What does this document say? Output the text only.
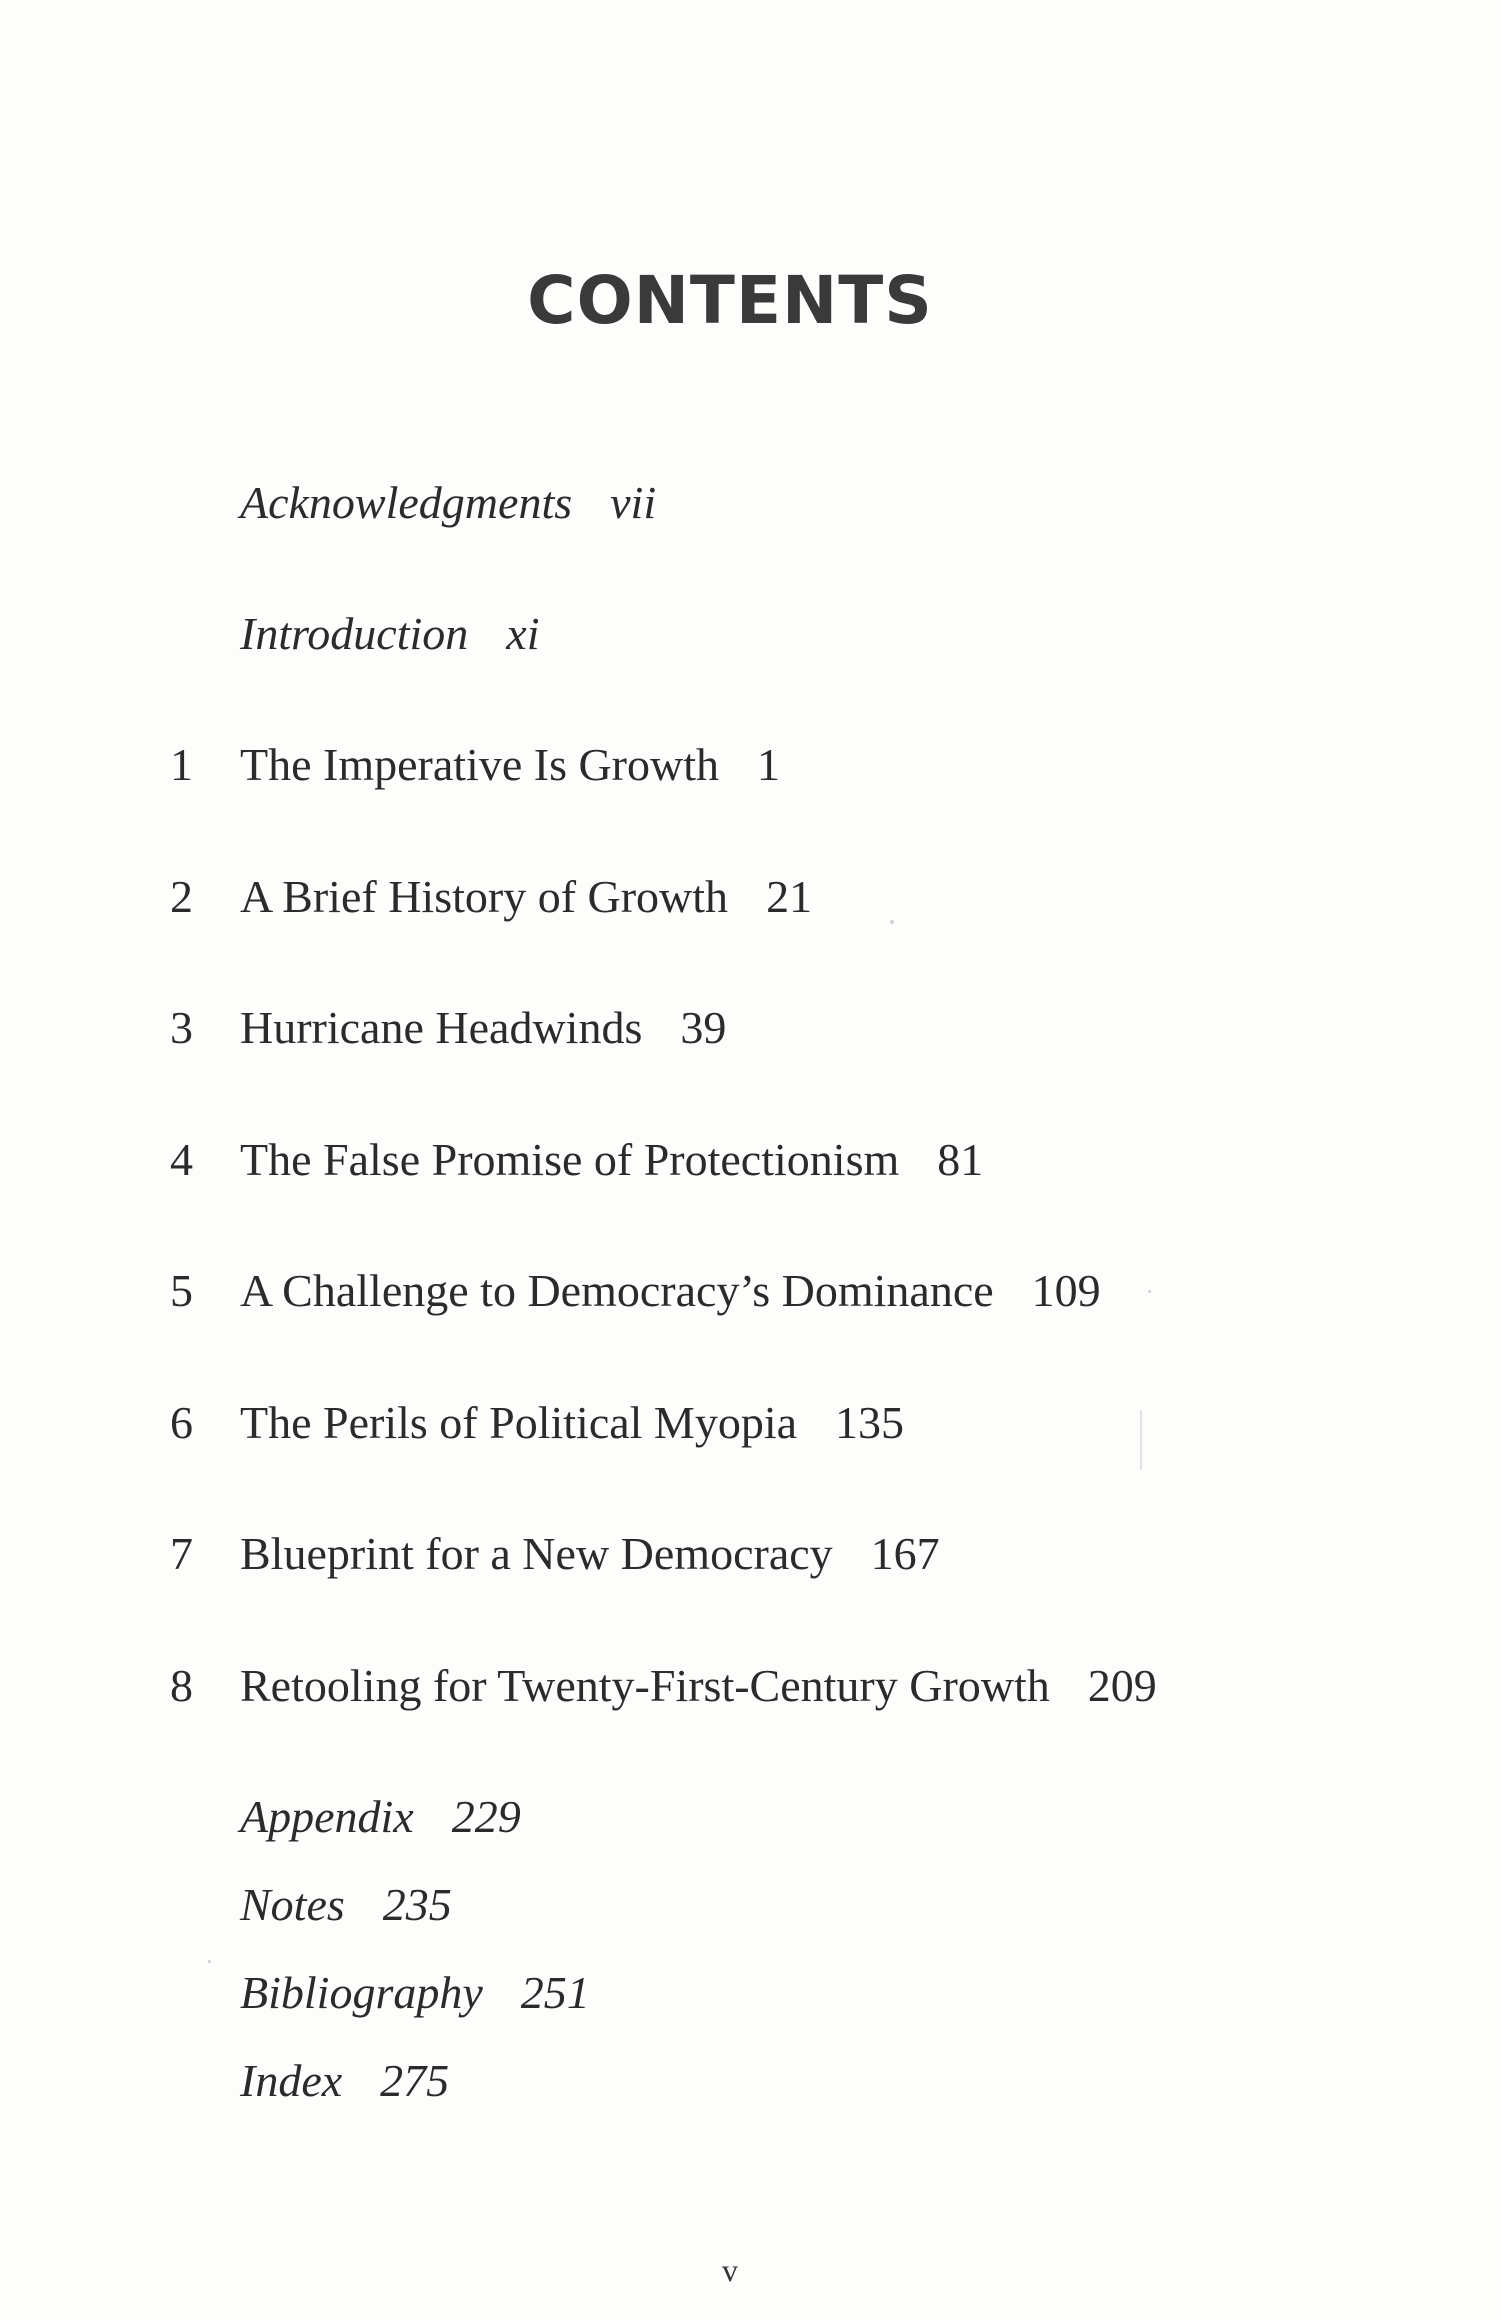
CONTENTS
Acknowledgments vii
Introduction xi
1	The Imperative Is Growth 1
2	A Brief History of Growth 21
3	Hurricane Headwinds 39
4	The False Promise of Protectionism 81
5	A Challenge to Democracy’s Dominance 109
6	The Perils of Political Myopia 135
7	Blueprint for a New Democracy 167
8	Retooling for Twenty-First-Century Growth 209
Appendix 229
Notes 235
Bibliography 251
Index 275
v
